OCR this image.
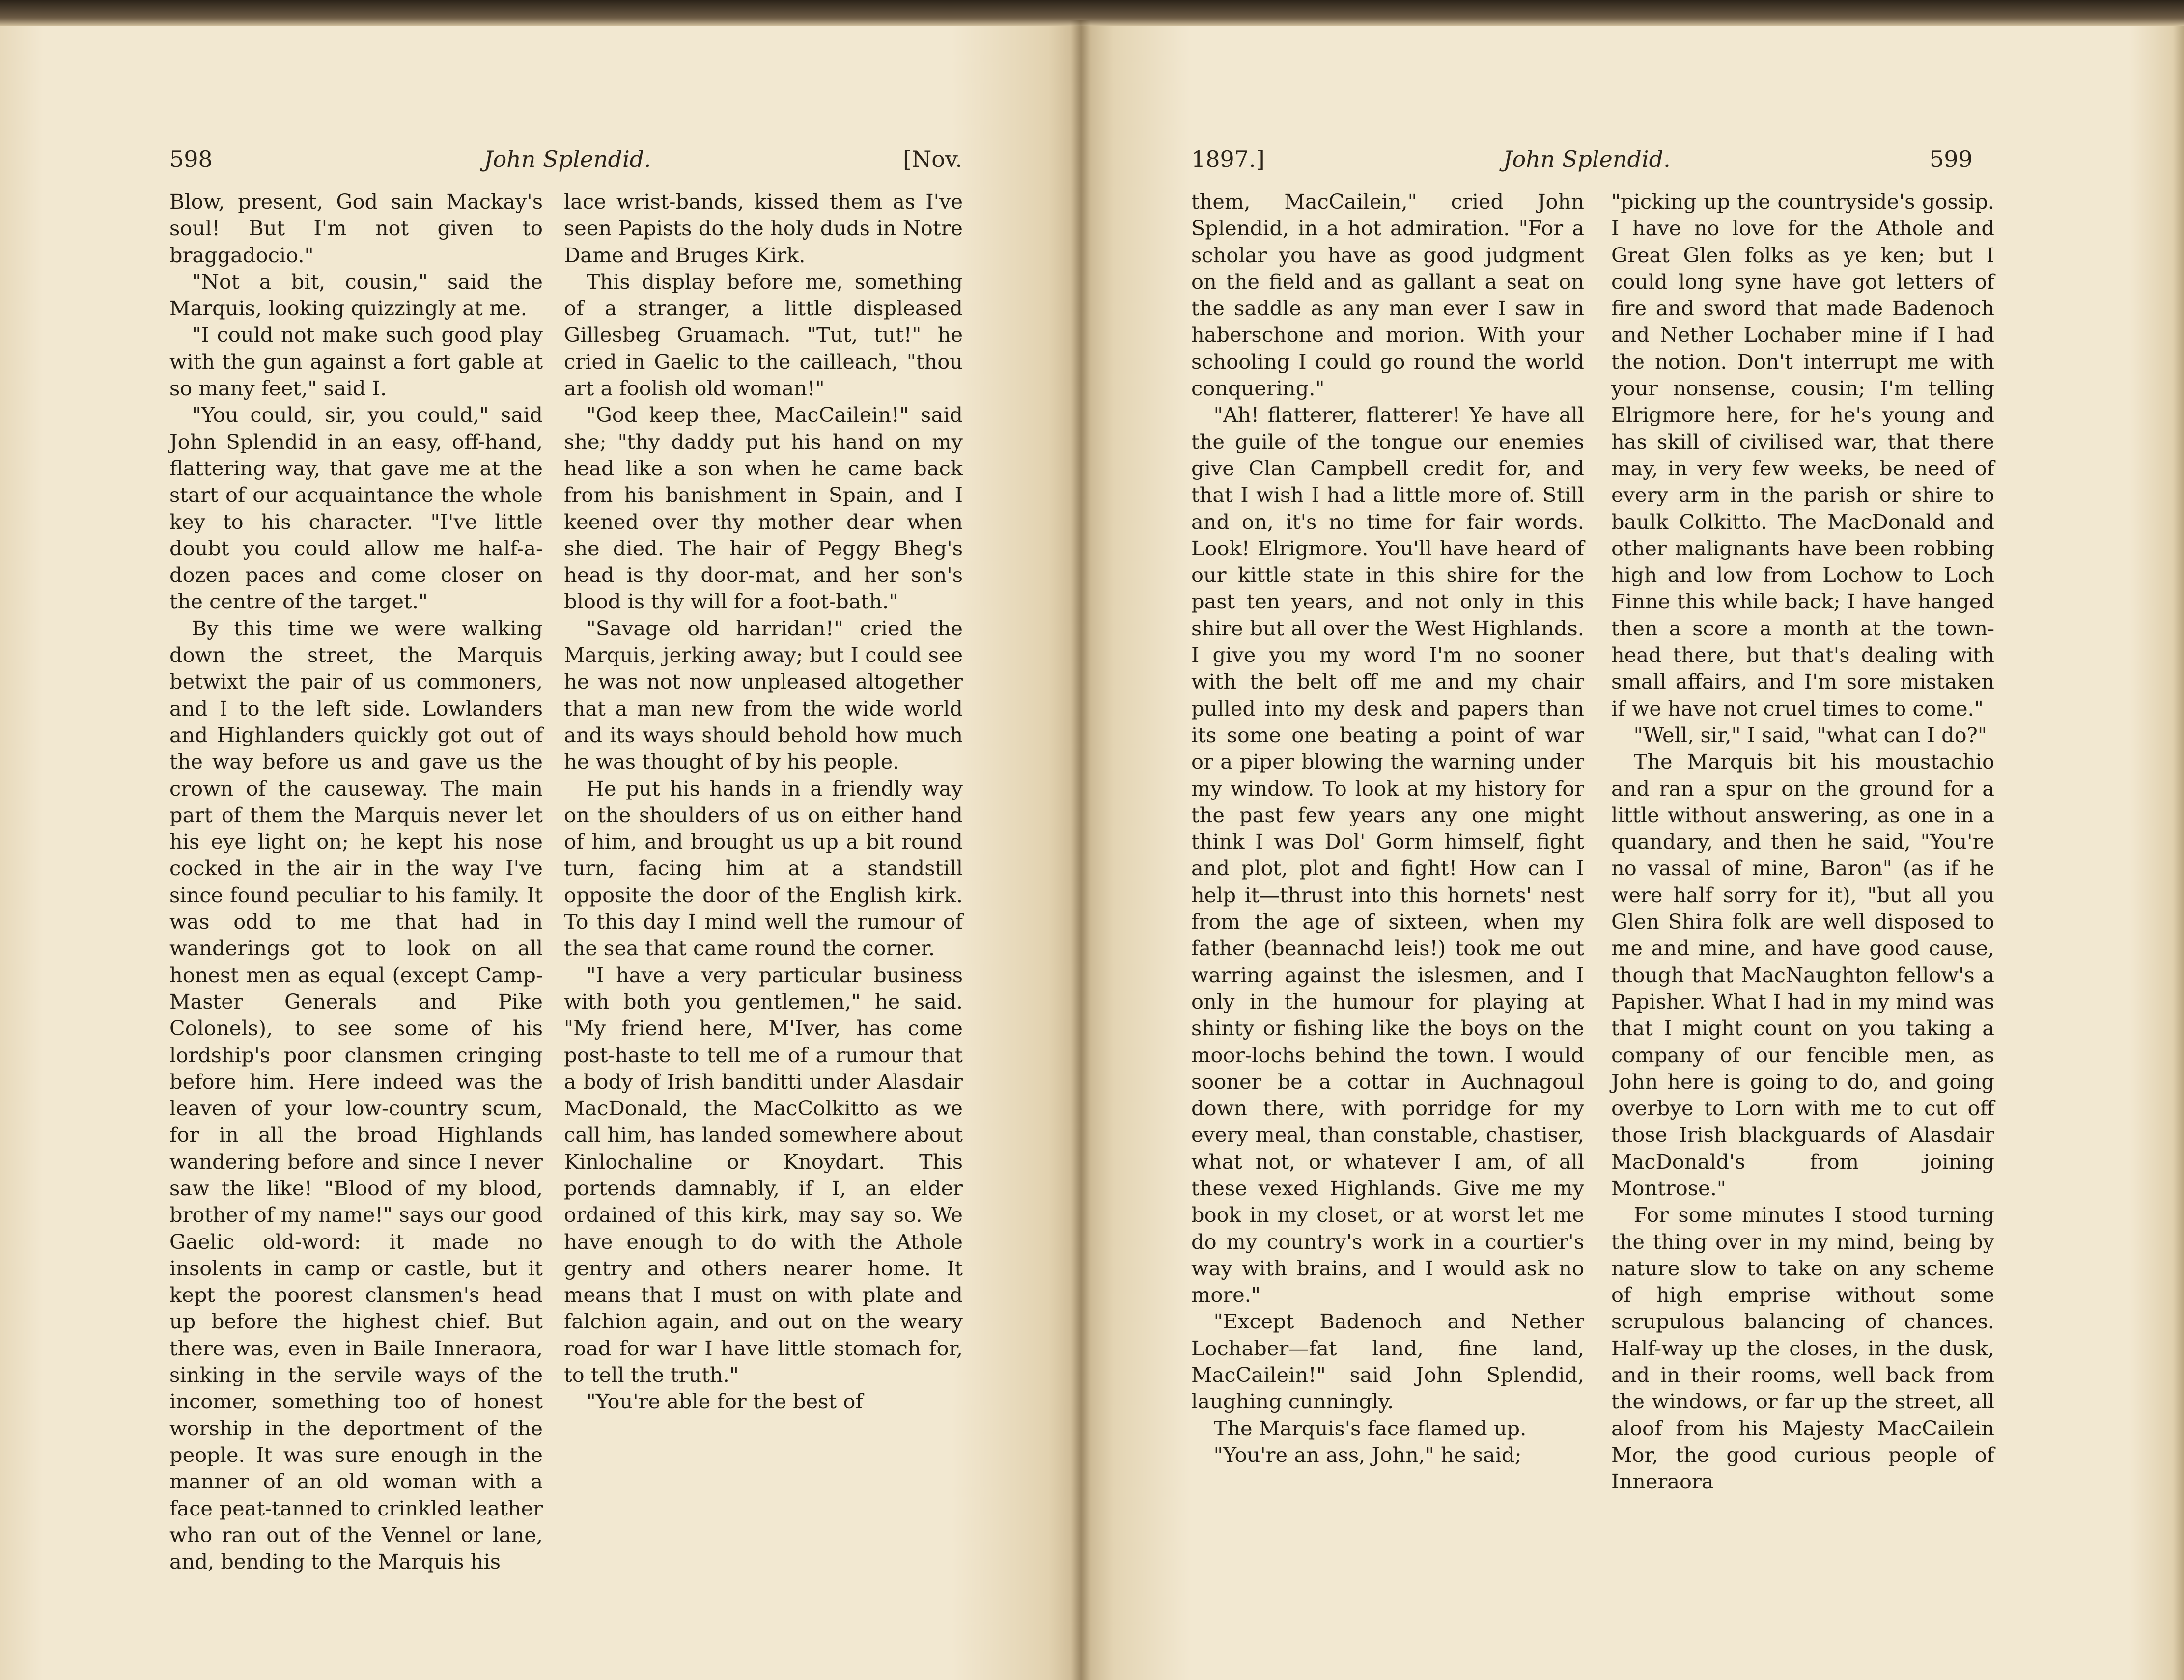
598	John Splendid.	[Nov.

Blow, present, God sain Mackay's soul! But I'm not given to braggadocio."

"Not a bit, cousin," said the Marquis, looking quizzingly at me.

"I could not make such good play with the gun against a fort gable at so many feet," said I.

"You could, sir, you could," said John Splendid in an easy, off-hand, flattering way, that gave me at the start of our acquaintance the whole key to his character. "I've little doubt you could allow me half-a-dozen paces and come closer on the centre of the target."

By this time we were walking down the street, the Marquis betwixt the pair of us commoners, and I to the left side. Lowlanders and Highlanders quickly got out of the way before us and gave us the crown of the causeway. The main part of them the Marquis never let his eye light on; he kept his nose cocked in the air in the way I've since found peculiar to his family. It was odd to me that had in wanderings got to look on all honest men as equal (except Camp-Master Generals and Pike Colonels), to see some of his lordship's poor clansmen cringing before him. Here indeed was the leaven of your low-country scum, for in all the broad Highlands wandering before and since I never saw the like! "Blood of my blood, brother of my name!" says our good Gaelic old-word: it made no insolents in camp or castle, but it kept the poorest clansmen's head up before the highest chief. But there was, even in Baile Inneraora, sinking in the servile ways of the incomer, something too of honest worship in the deportment of the people. It was sure enough in the manner of an old woman with a face peat-tanned to crinkled leather who ran out of the Vennel or lane, and, bending to the Marquis his

lace wrist-bands, kissed them as I've seen Papists do the holy duds in Notre Dame and Bruges Kirk.

This display before me, something of a stranger, a little displeased Gillesbeg Gruamach. "Tut, tut!" he cried in Gaelic to the cailleach, "thou art a foolish old woman!"

"God keep thee, MacCailein!" said she; "thy daddy put his hand on my head like a son when he came back from his banishment in Spain, and I keened over thy mother dear when she died. The hair of Peggy Bheg's head is thy door-mat, and her son's blood is thy will for a foot-bath."

"Savage old harridan!" cried the Marquis, jerking away; but I could see he was not now unpleased altogether that a man new from the wide world and its ways should behold how much he was thought of by his people.

He put his hands in a friendly way on the shoulders of us on either hand of him, and brought us up a bit round turn, facing him at a standstill opposite the door of the English kirk. To this day I mind well the rumour of the sea that came round the corner.

"I have a very particular business with both you gentlemen," he said. "My friend here, M'Iver, has come post-haste to tell me of a rumour that a body of Irish banditti under Alasdair MacDonald, the MacColkitto as we call him, has landed somewhere about Kinlochaline or Knoydart. This portends damnably, if I, an elder ordained of this kirk, may say so. We have enough to do with the Athole gentry and others nearer home. It means that I must on with plate and falchion again, and out on the weary road for war I have little stomach for, to tell the truth."

"You're able for the best of

1897.]	John Splendid.	599

them, MacCailein," cried John Splendid, in a hot admiration. "For a scholar you have as good judgment on the field and as gallant a seat on the saddle as any man ever I saw in haberschone and morion. With your schooling I could go round the world conquering."

"Ah! flatterer, flatterer! Ye have all the guile of the tongue our enemies give Clan Campbell credit for, and that I wish I had a little more of. Still and on, it's no time for fair words. Look! Elrigmore. You'll have heard of our kittle state in this shire for the past ten years, and not only in this shire but all over the West Highlands. I give you my word I'm no sooner with the belt off me and my chair pulled into my desk and papers than its some one beating a point of war or a piper blowing the warning under my window. To look at my history for the past few years any one might think I was Dol' Gorm himself, fight and plot, plot and fight! How can I help it—thrust into this hornets' nest from the age of sixteen, when my father (beannachd leis!) took me out warring against the islesmen, and I only in the humour for playing at shinty or fishing like the boys on the moor-lochs behind the town. I would sooner be a cottar in Auchnagoul down there, with porridge for my every meal, than constable, chastiser, what not, or whatever I am, of all these vexed Highlands. Give me my book in my closet, or at worst let me do my country's work in a courtier's way with brains, and I would ask no more."

"Except Badenoch and Nether Lochaber—fat land, fine land, MacCailein!" said John Splendid, laughing cunningly.

The Marquis's face flamed up.

"You're an ass, John," he said;

"picking up the countryside's gossip. I have no love for the Athole and Great Glen folks as ye ken; but I could long syne have got letters of fire and sword that made Badenoch and Nether Lochaber mine if I had the notion. Don't interrupt me with your nonsense, cousin; I'm telling Elrigmore here, for he's young and has skill of civilised war, that there may, in very few weeks, be need of every arm in the parish or shire to baulk Colkitto. The MacDonald and other malignants have been robbing high and low from Lochow to Loch Finne this while back; I have hanged then a score a month at the town-head there, but that's dealing with small affairs, and I'm sore mistaken if we have not cruel times to come."

"Well, sir," I said, "what can I do?"

The Marquis bit his moustachio and ran a spur on the ground for a little without answering, as one in a quandary, and then he said, "You're no vassal of mine, Baron" (as if he were half sorry for it), "but all you Glen Shira folk are well disposed to me and mine, and have good cause, though that MacNaughton fellow's a Papisher. What I had in my mind was that I might count on you taking a company of our fencible men, as John here is going to do, and going overbye to Lorn with me to cut off those Irish blackguards of Alasdair MacDonald's from joining Montrose."

For some minutes I stood turning the thing over in my mind, being by nature slow to take on any scheme of high emprise without some scrupulous balancing of chances. Half-way up the closes, in the dusk, and in their rooms, well back from the windows, or far up the street, all aloof from his Majesty MacCailein Mor, the good curious people of Inneraora
